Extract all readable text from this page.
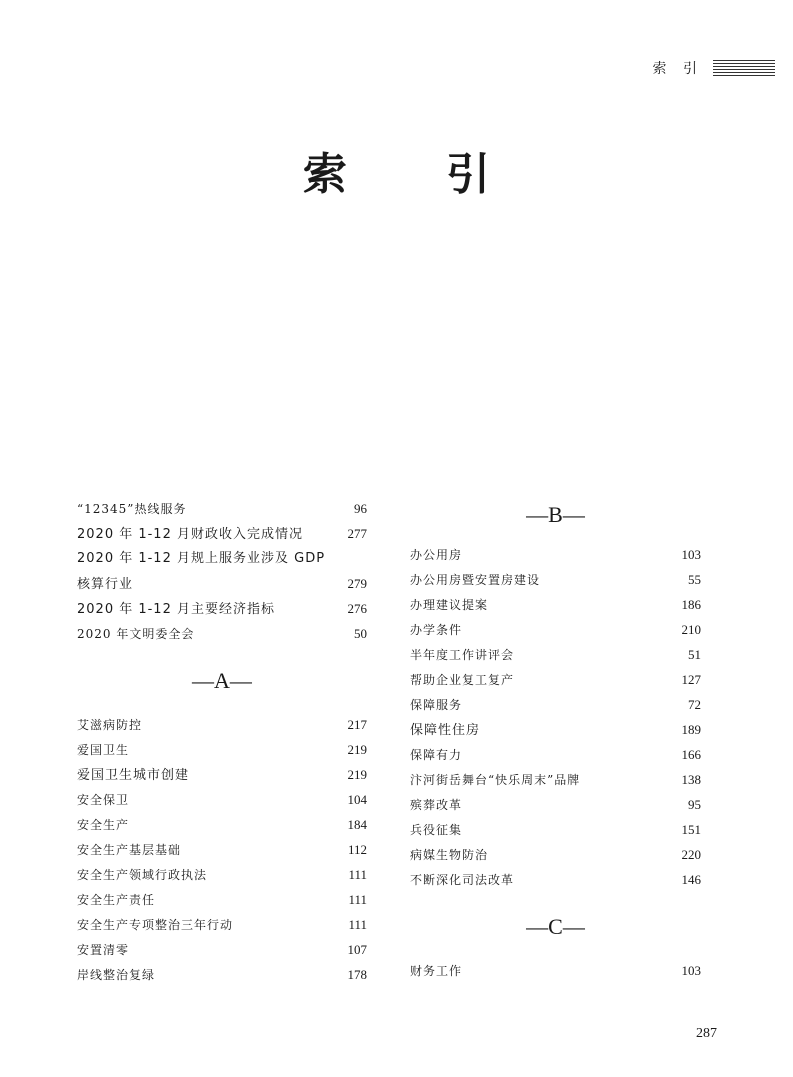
索 引
索 引
“12345”热线服务	96
2020 年 1-12 月财政收入完成情况	277
2020 年 1-12 月规上服务业涉及 GDP
核算行业	279
2020 年 1-12 月主要经济指标	276
2020 年文明委全会	50
—A—
艾滋病防控	217
爱国卫生	219
爱国卫生城市创建	219
安全保卫	104
安全生产	184
安全生产基层基础	112
安全生产领域行政执法	111
安全生产责任	111
安全生产专项整治三年行动	111
安置清零	107
岸线整治复绿	178
—B—
办公用房	103
办公用房暨安置房建设	55
办理建议提案	186
办学条件	210
半年度工作讲评会	51
帮助企业复工复产	127
保障服务	72
保障性住房	189
保障有力	166
汴河街岳舞台“快乐周末”品牌	138
殡葬改革	95
兵役征集	151
病媒生物防治	220
不断深化司法改革	146
—C—
财务工作	103
287
